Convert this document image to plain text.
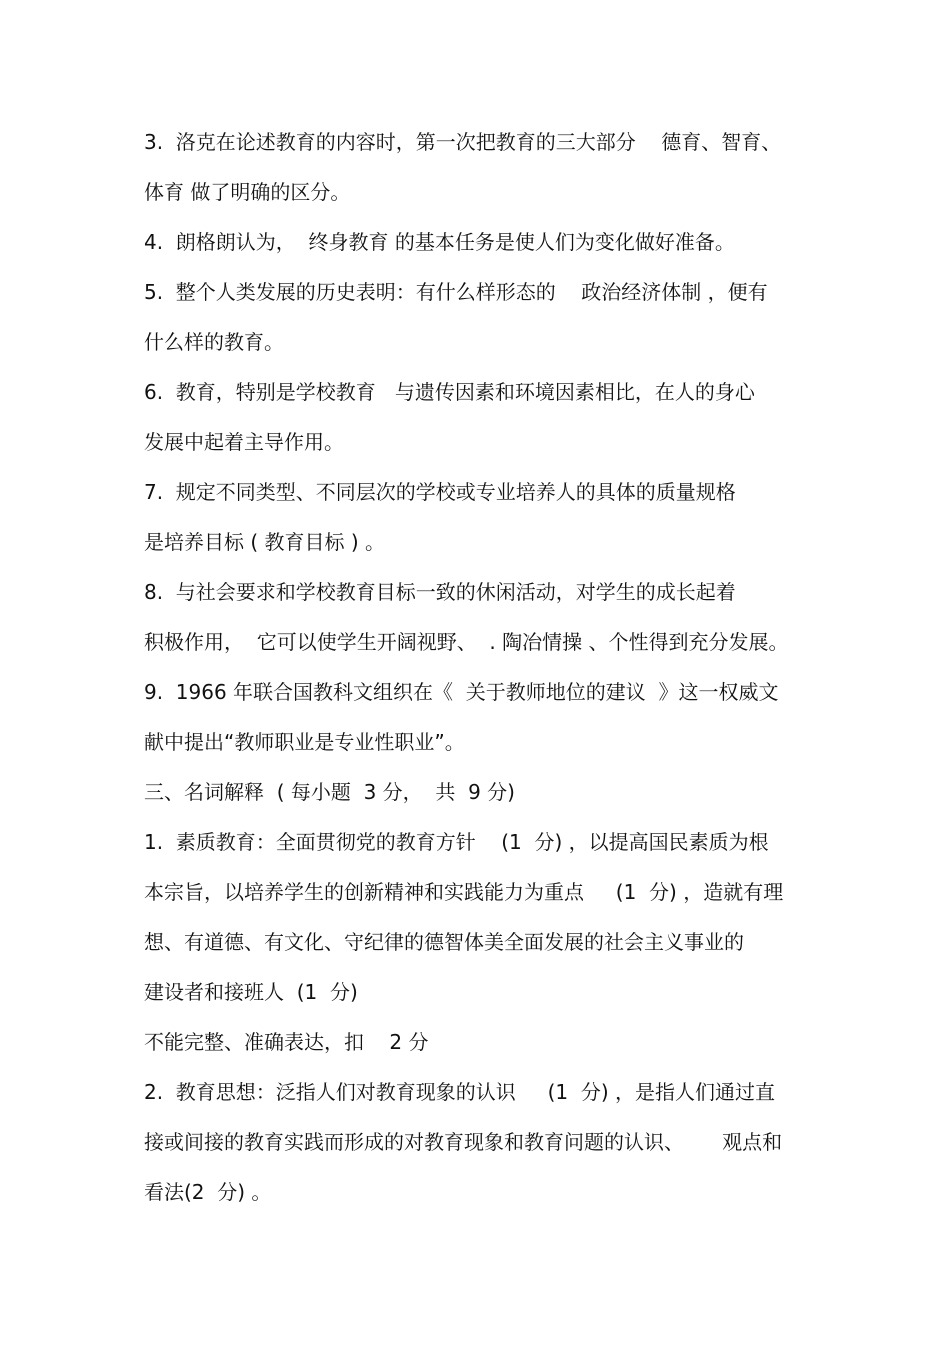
3.  洛克在论述教育的内容时，第一次把教育的三大部分    德育、智育、
体育 做了明确的区分。
4.  朗格朗认为，  终身教育 的基本任务是使人们为变化做好准备。
5.  整个人类发展的历史表明：有什么样形态的    政治经济体制 ，便有
什么样的教育。
6.  教育，特别是学校教育   与遗传因素和环境因素相比，在人的身心
发展中起着主导作用。
7.  规定不同类型、不同层次的学校或专业培养人的具体的质量规格
是培养目标 ( 教育目标 ) 。
8.  与社会要求和学校教育目标一致的休闲活动，对学生的成长起着
积极作用，  它可以使学生开阔视野、  . 陶冶情操 、个性得到充分发展。
9.  1966 年联合国教科文组织在《  关于教师地位的建议  》这一权威文
献中提出“教师职业是专业性职业”。
三、名词解释  ( 每小题  3 分，  共  9 分)
1.  素质教育：全面贯彻党的教育方针    (1  分) ，以提高国民素质为根
本宗旨，以培养学生的创新精神和实践能力为重点     (1  分) ，造就有理
想、有道德、有文化、守纪律的德智体美全面发展的社会主义事业的
建设者和接班人  (1  分)
不能完整、准确表达，扣    2 分
2.  教育思想：泛指人们对教育现象的认识     (1  分) ，是指人们通过直
接或间接的教育实践而形成的对教育现象和教育问题的认识、      观点和
看法(2  分) 。
